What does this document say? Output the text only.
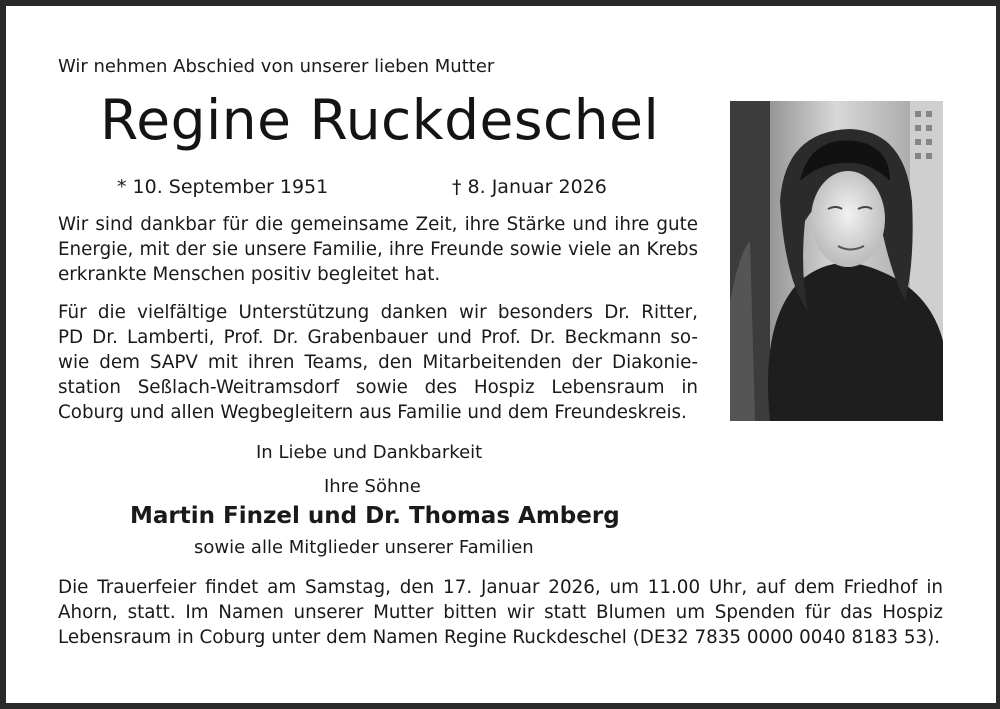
Wir nehmen Abschied von unserer lieben Mutter
Regine Ruckdeschel
* 10. September 1951	† 8. Januar 2026
Wir sind dankbar für die gemeinsame Zeit, ihre Stärke und ihre gute
Energie, mit der sie unsere Familie, ihre Freunde sowie viele an Krebs
erkrankte Menschen positiv begleitet hat.
Für die vielfältige Unterstützung danken wir besonders Dr. Ritter,
PD Dr. Lamberti, Prof. Dr. Grabenbauer und Prof. Dr. Beckmann so-
wie dem SAPV mit ihren Teams, den Mitarbeitenden der Diakonie-
station Seßlach-Weitramsdorf sowie des Hospiz Lebensraum in
Coburg und allen Wegbegleitern aus Familie und dem Freundeskreis.
In Liebe und Dankbarkeit
Ihre Söhne
Martin Finzel und Dr. Thomas Amberg
sowie alle Mitglieder unserer Familien
Die Trauerfeier findet am Samstag, den 17. Januar 2026, um 11.00 Uhr, auf dem Friedhof in
Ahorn, statt. Im Namen unserer Mutter bitten wir statt Blumen um Spenden für das Hospiz
Lebensraum in Coburg unter dem Namen Regine Ruckdeschel (DE32 7835 0000 0040 8183 53).
